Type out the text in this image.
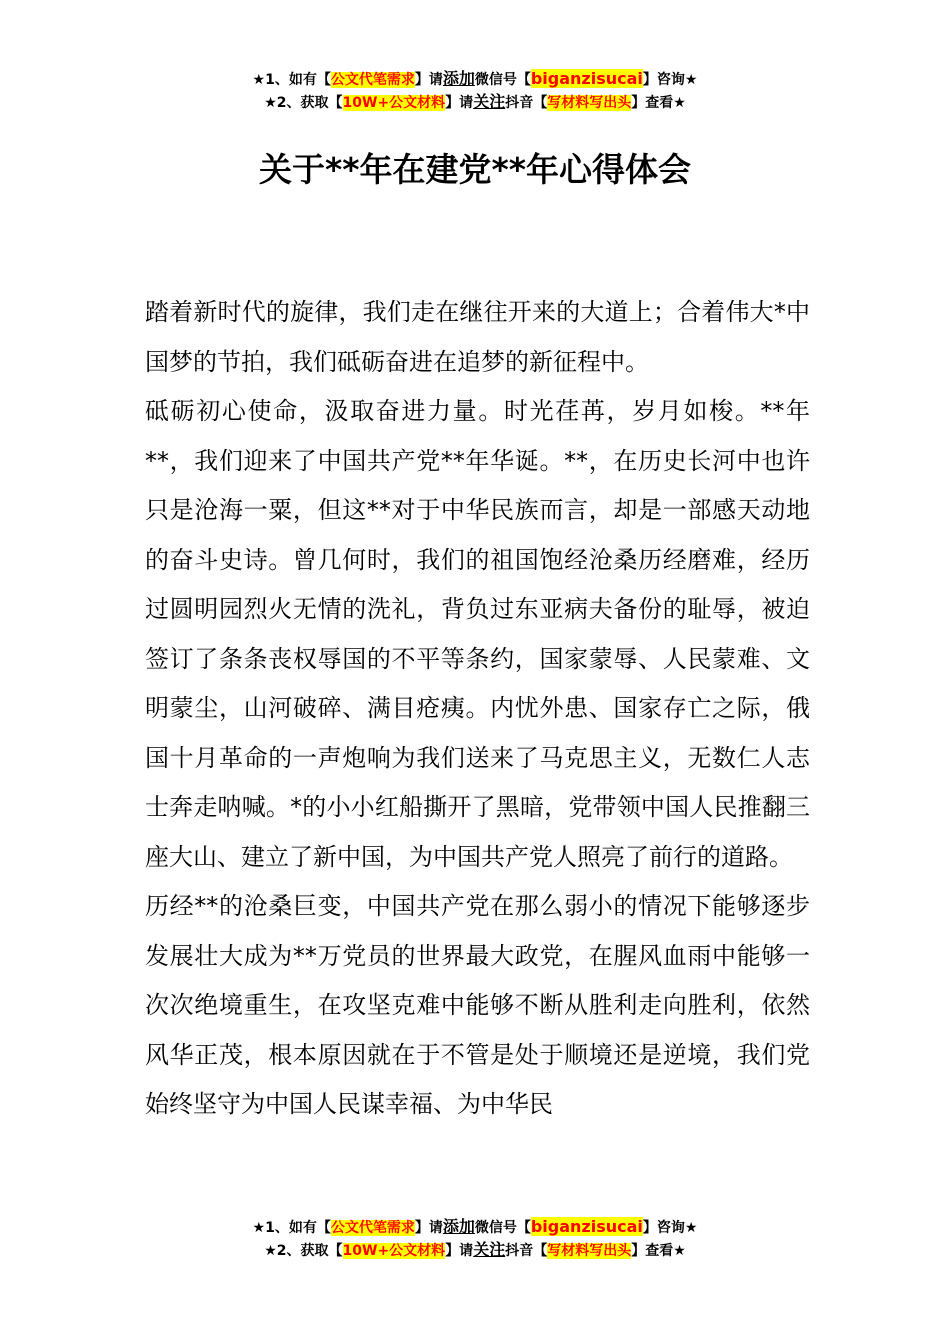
★1、如有【公文代笔需求】请添加微信号【biganzisucai】咨询★
★2、获取【10W+公文材料】请关注抖音【写材料写出头】查看★
关于**年在建党**年心得体会

踏着新时代的旋律，我们走在继往开来的大道上；合着伟大*中国梦的节拍，我们砥砺奋进在追梦的新征程中。

砥砺初心使命，汲取奋进力量。时光荏苒，岁月如梭。**年**，我们迎来了中国共产党**年华诞。**，在历史长河中也许只是沧海一粟，但这**对于中华民族而言，却是一部感天动地的奋斗史诗。曾几何时，我们的祖国饱经沧桑历经磨难，经历过圆明园烈火无情的洗礼，背负过东亚病夫备份的耻辱，被迫签订了条条丧权辱国的不平等条约，国家蒙辱、人民蒙难、文明蒙尘，山河破碎、满目疮痍。内忧外患、国家存亡之际，俄国十月革命的一声炮响为我们送来了马克思主义，无数仁人志士奔走呐喊。*的小小红船撕开了黑暗，党带领中国人民推翻三座大山、建立了新中国，为中国共产党人照亮了前行的道路。

历经**的沧桑巨变，中国共产党在那么弱小的情况下能够逐步发展壮大成为**万党员的世界最大政党，在腥风血雨中能够一次次绝境重生，在攻坚克难中能够不断从胜利走向胜利，依然风华正茂，根本原因就在于不管是处于顺境还是逆境，我们党始终坚守为中国人民谋幸福、为中华民

★1、如有【公文代笔需求】请添加微信号【biganzisucai】咨询★
★2、获取【10W+公文材料】请关注抖音【写材料写出头】查看★
